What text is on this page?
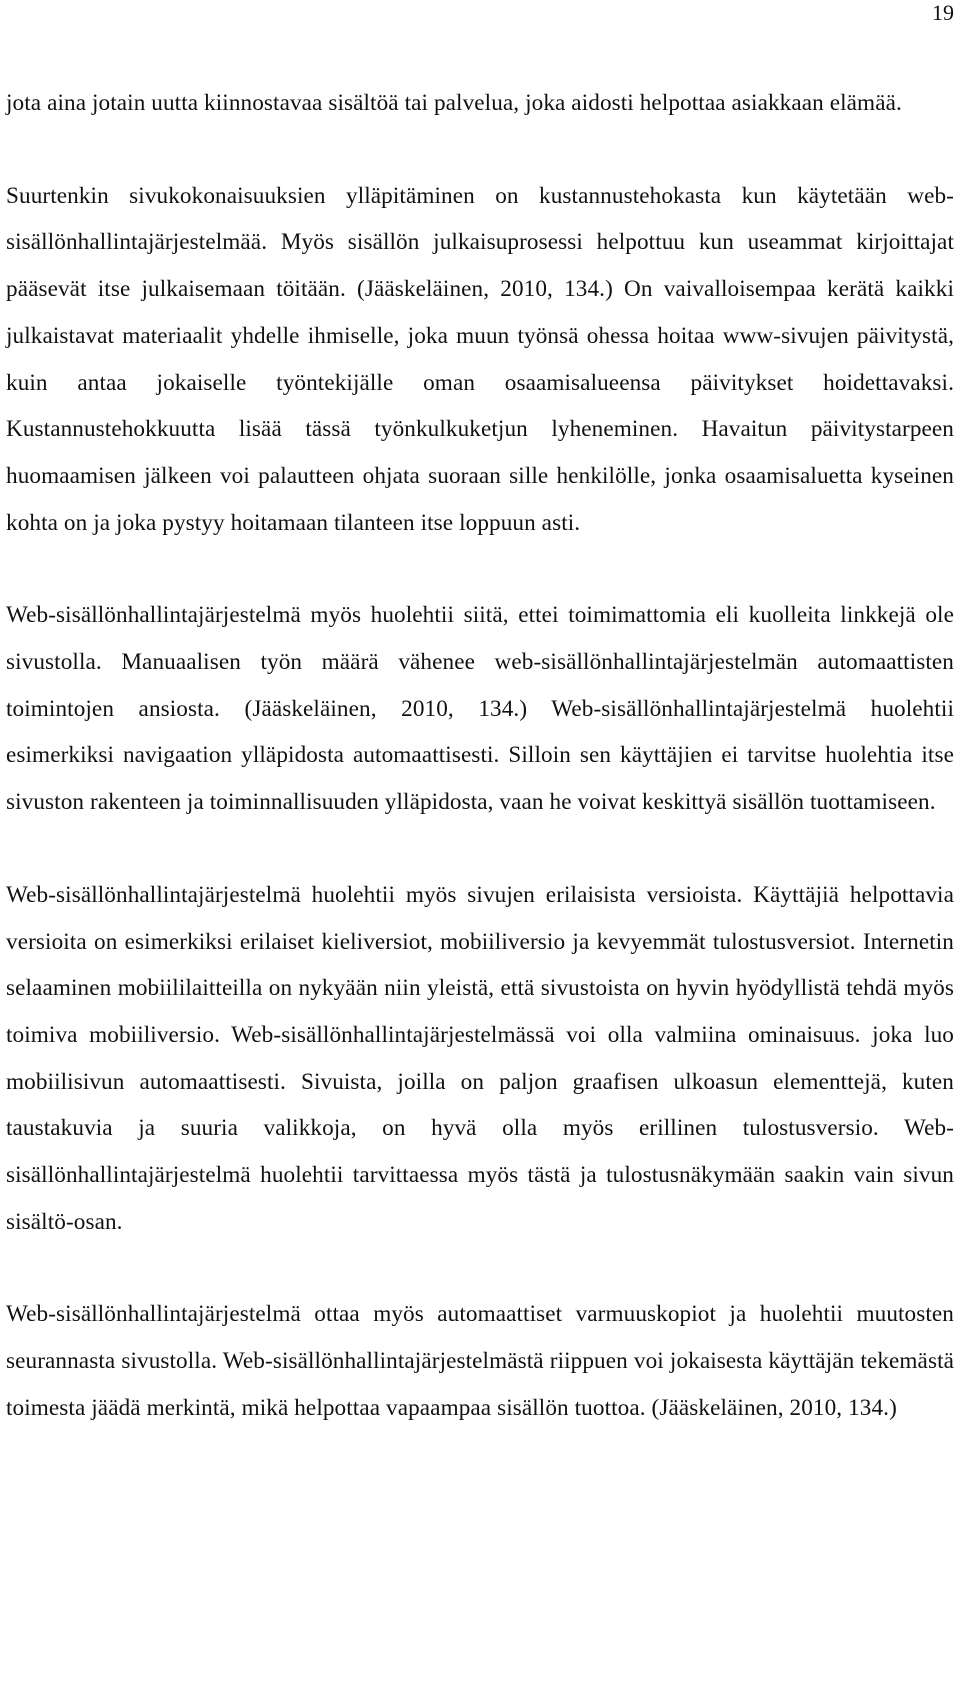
19

jota aina jotain uutta kiinnostavaa sisältöä tai palvelua, joka aidosti helpottaa asiakkaan elämää.

Suurtenkin sivukokonaisuuksien ylläpitäminen on kustannustehokasta kun käytetään web-sisällönhallintajärjestelmää. Myös sisällön julkaisuprosessi helpottuu kun useammat kirjoittajat pääsevät itse julkaisemaan töitään. (Jääskeläinen, 2010, 134.) On vaivalloisempaa kerätä kaikki julkaistavat materiaalit yhdelle ihmiselle, joka muun työnsä ohessa hoitaa www-sivujen päivitystä, kuin antaa jokaiselle työntekijälle oman osaamisalueensa päivitykset hoidettavaksi. Kustannustehokkuutta lisää tässä työnkulkuketjun lyheneminen. Havaitun päivitystarpeen huomaamisen jälkeen voi palautteen ohjata suoraan sille henkilölle, jonka osaamisaluetta kyseinen kohta on ja joka pystyy hoitamaan tilanteen itse loppuun asti.

Web-sisällönhallintajärjestelmä myös huolehtii siitä, ettei toimimattomia eli kuolleita linkkejä ole sivustolla. Manuaalisen työn määrä vähenee web-sisällönhallintajärjestelmän automaattisten toimintojen ansiosta. (Jääskeläinen, 2010, 134.) Web-sisällönhallintajärjestelmä huolehtii esimerkiksi navigaation ylläpidosta automaattisesti. Silloin sen käyttäjien ei tarvitse huolehtia itse sivuston rakenteen ja toiminnallisuuden ylläpidosta, vaan he voivat keskittyä sisällön tuottamiseen.

Web-sisällönhallintajärjestelmä huolehtii myös sivujen erilaisista versioista. Käyttäjiä helpottavia versioita on esimerkiksi erilaiset kieliversiot, mobiiliversio ja kevyemmät tulostusversiot. Internetin selaaminen mobiililaitteilla on nykyään niin yleistä, että sivustoista on hyvin hyödyllistä tehdä myös toimiva mobiiliversio. Web-sisällönhallintajärjestelmässä voi olla valmiina ominaisuus. joka luo mobiilisivun automaattisesti. Sivuista, joilla on paljon graafisen ulkoasun elementtejä, kuten taustakuvia ja suuria valikkoja, on hyvä olla myös erillinen tulostusversio. Web-sisällönhallintajärjestelmä huolehtii tarvittaessa myös tästä ja tulostusnäkymään saakin vain sivun sisältö-osan.

Web-sisällönhallintajärjestelmä ottaa myös automaattiset varmuuskopiot ja huolehtii muutosten seurannasta sivustolla. Web-sisällönhallintajärjestelmästä riippuen voi jokaisesta käyttäjän tekemästä toimesta jäädä merkintä, mikä helpottaa vapaampaa sisällön tuottoa. (Jääskeläinen, 2010, 134.)
